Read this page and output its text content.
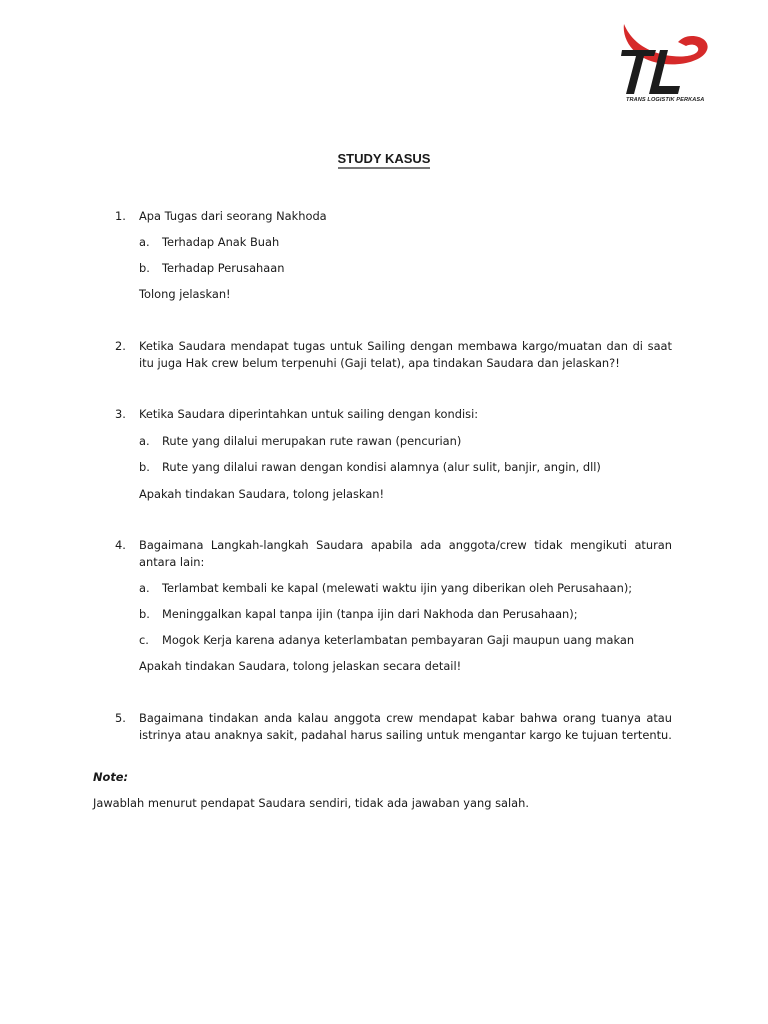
TRANS LOGISTIK PERKASA
STUDY KASUS
1. Apa Tugas dari seorang Nakhoda
a. Terhadap Anak Buah
b. Terhadap Perusahaan
Tolong jelaskan!
2. Ketika Saudara mendapat tugas untuk Sailing dengan membawa kargo/muatan dan di saat itu juga Hak crew belum terpenuhi (Gaji telat), apa tindakan Saudara dan jelaskan?!
3. Ketika Saudara diperintahkan untuk sailing dengan kondisi:
a. Rute yang dilalui merupakan rute rawan (pencurian)
b. Rute yang dilalui rawan dengan kondisi alamnya (alur sulit, banjir, angin, dll)
Apakah tindakan Saudara, tolong jelaskan!
4. Bagaimana Langkah-langkah Saudara apabila ada anggota/crew tidak mengikuti aturan antara lain:
a. Terlambat kembali ke kapal (melewati waktu ijin yang diberikan oleh Perusahaan);
b. Meninggalkan kapal tanpa ijin (tanpa ijin dari Nakhoda dan Perusahaan);
c. Mogok Kerja karena adanya keterlambatan pembayaran Gaji maupun uang makan
Apakah tindakan Saudara, tolong jelaskan secara detail!
5. Bagaimana tindakan anda kalau anggota crew mendapat kabar bahwa orang tuanya atau istrinya atau anaknya sakit, padahal harus sailing untuk mengantar kargo ke tujuan tertentu.
Note:
Jawablah menurut pendapat Saudara sendiri, tidak ada jawaban yang salah.
